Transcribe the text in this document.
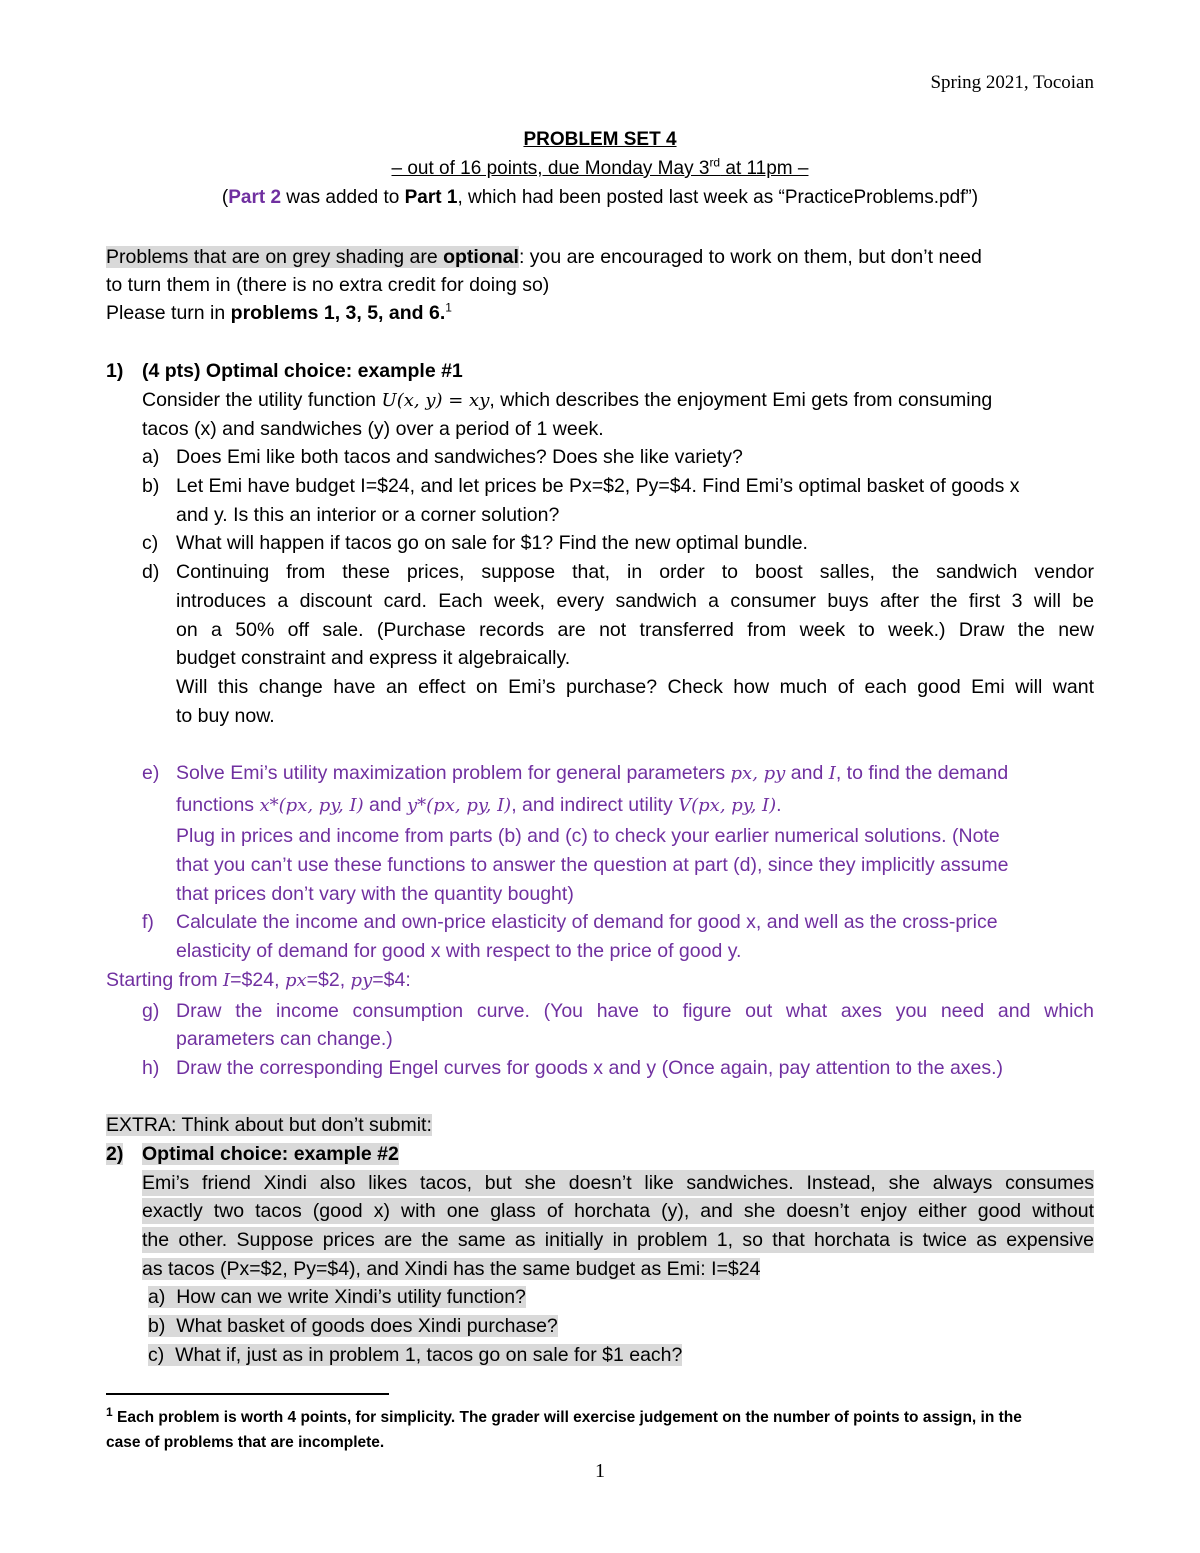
Spring 2021, Tocoian
PROBLEM SET 4
– out of 16 points, due Monday May 3rd at 11pm –
(Part 2 was added to Part 1, which had been posted last week as “PracticeProblems.pdf”)
Problems that are on grey shading are optional: you are encouraged to work on them, but don’t need
to turn them in (there is no extra credit for doing so)
Please turn in problems 1, 3, 5, and 6.$^1$
1) (4 pts) Optimal choice: example #1
Consider the utility function U(x, y) = xy, which describes the enjoyment Emi gets from consuming
tacos (x) and sandwiches (y) over a period of 1 week.
a) Does Emi like both tacos and sandwiches? Does she like variety?
b) Let Emi have budget I=$24, and let prices be Px=$2, Py=$4. Find Emi’s optimal basket of goods x
and y. Is this an interior or a corner solution?
c) What will happen if tacos go on sale for $1? Find the new optimal bundle.
d) Continuing from these prices, suppose that, in order to boost salles, the sandwich vendor
introduces a discount card. Each week, every sandwich a consumer buys after the first 3 will be
on a 50% off sale. (Purchase records are not transferred from week to week.) Draw the new
budget constraint and express it algebraically.
Will this change have an effect on Emi’s purchase? Check how much of each good Emi will want
to buy now.
e) Solve Emi’s utility maximization problem for general parameters px, py and I, to find the demand
functions x*(px, py, I) and y*(px, py, I), and indirect utility V(px, py, I).
Plug in prices and income from parts (b) and (c) to check your earlier numerical solutions. (Note
that you can’t use these functions to answer the question at part (d), since they implicitly assume
that prices don’t vary with the quantity bought)
f) Calculate the income and own-price elasticity of demand for good x, and well as the cross-price
elasticity of demand for good x with respect to the price of good y.
Starting from I=$24, px=$2, py=$4:
g) Draw the income consumption curve. (You have to figure out what axes you need and which
parameters can change.)
h) Draw the corresponding Engel curves for goods x and y (Once again, pay attention to the axes.)
EXTRA: Think about but don’t submit:
2) Optimal choice: example #2
Emi’s friend Xindi also likes tacos, but she doesn’t like sandwiches. Instead, she always consumes
exactly two tacos (good x) with one glass of horchata (y), and she doesn’t enjoy either good without
the other. Suppose prices are the same as initially in problem 1, so that horchata is twice as expensive
as tacos (Px=$2, Py=$4), and Xindi has the same budget as Emi: I=$24
a) How can we write Xindi’s utility function?
b) What basket of goods does Xindi purchase?
c) What if, just as in problem 1, tacos go on sale for $1 each?
$^1$ Each problem is worth 4 points, for simplicity. The grader will exercise judgement on the number of points to assign, in the
case of problems that are incomplete.
1
